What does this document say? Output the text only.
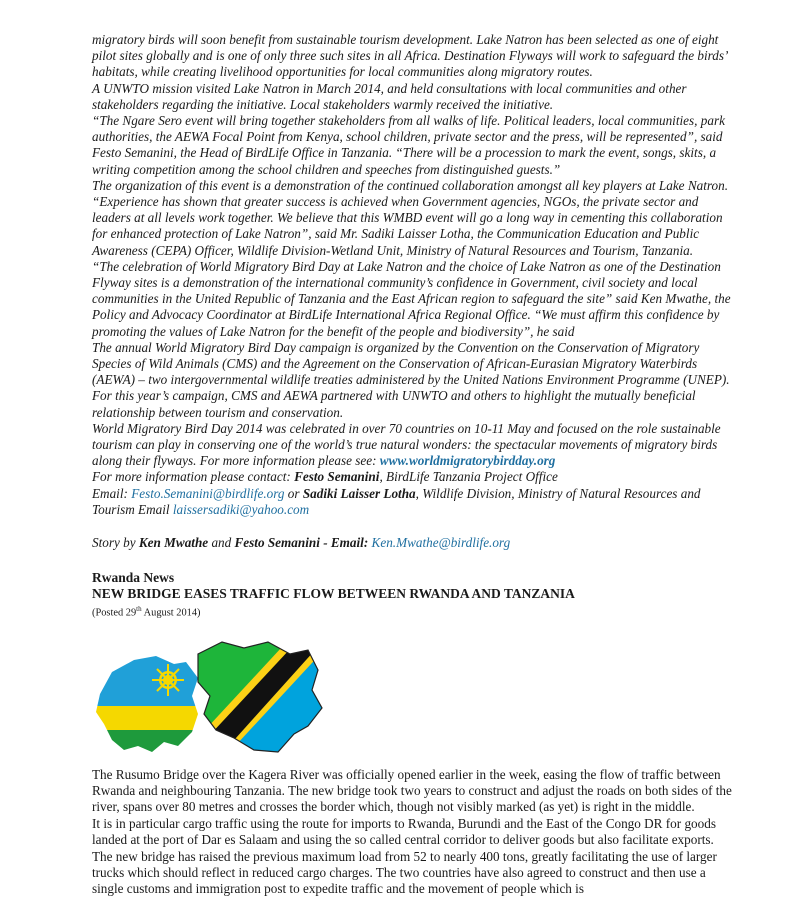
migratory birds will soon benefit from sustainable tourism development. Lake Natron has been selected as one of eight pilot sites globally and is one of only three such sites in all Africa. Destination Flyways will work to safeguard the birds’ habitats, while creating livelihood opportunities for local communities along migratory routes.

A UNWTO mission visited Lake Natron in March 2014, and held consultations with local communities and other stakeholders regarding the initiative. Local stakeholders warmly received the initiative.

“The Ngare Sero event will bring together stakeholders from all walks of life. Political leaders, local communities, park authorities, the AEWA Focal Point from Kenya, school children, private sector and the press, will be represented”, said Festo Semanini, the Head of BirdLife Office in Tanzania. “There will be a procession to mark the event, songs, skits, a writing competition among the school children and speeches from distinguished guests.”

The organization of this event is a demonstration of the continued collaboration amongst all key players at Lake Natron. “Experience has shown that greater success is achieved when Government agencies, NGOs, the private sector and leaders at all levels work together. We believe that this WMBD event will go a long way in cementing this collaboration for enhanced protection of Lake Natron”, said Mr. Sadiki Laisser Lotha, the Communication Education and Public Awareness (CEPA) Officer, Wildlife Division-Wetland Unit, Ministry of Natural Resources and Tourism, Tanzania.

“The celebration of World Migratory Bird Day at Lake Natron and the choice of Lake Natron as one of the Destination Flyway sites is a demonstration of the international community’s confidence in Government, civil society and local communities in the United Republic of Tanzania and the East African region to safeguard the site” said Ken Mwathe, the Policy and Advocacy Coordinator at BirdLife International Africa Regional Office. “We must affirm this confidence by promoting the values of Lake Natron for the benefit of the people and biodiversity”, he said

The annual World Migratory Bird Day campaign is organized by the Convention on the Conservation of Migratory Species of Wild Animals (CMS) and the Agreement on the Conservation of African-Eurasian Migratory Waterbirds (AEWA) – two intergovernmental wildlife treaties administered by the United Nations Environment Programme (UNEP). For this year’s campaign, CMS and AEWA partnered with UNWTO and others to highlight the mutually beneficial relationship between tourism and conservation.

World Migratory Bird Day 2014 was celebrated in over 70 countries on 10-11 May and focused on the role sustainable tourism can play in conserving one of the world’s true natural wonders: the spectacular movements of migratory birds along their flyways. For more information please see: www.worldmigratorybirdday.org

For more information please contact: Festo Semanini, BirdLife Tanzania Project Office

Email: Festo.Semanini@birdlife.org or Sadiki Laisser Lotha, Wildlife Division, Ministry of Natural Resources and Tourism Email laissersadiki@yahoo.com

Story by Ken Mwathe and Festo Semanini - Email: Ken.Mwathe@birdlife.org
Rwanda News
NEW BRIDGE EASES TRAFFIC FLOW BETWEEN RWANDA AND TANZANIA
(Posted 29th August 2014)

The Rusumo Bridge over the Kagera River was officially opened earlier in the week, easing the flow of traffic between Rwanda and neighbouring Tanzania. The new bridge took two years to construct and adjust the roads on both sides of the river, spans over 80 metres and crosses the border which, though not visibly marked (as yet) is right in the middle.

It is in particular cargo traffic using the route for imports to Rwanda, Burundi and the East of the Congo DR for goods landed at the port of Dar es Salaam and using the so called central corridor to deliver goods but also facilitate exports. The new bridge has raised the previous maximum load from 52 to nearly 400 tons, greatly facilitating the use of larger trucks which should reflect in reduced cargo charges. The two countries have also agreed to construct and then use a single customs and immigration post to expedite traffic and the movement of people which is
